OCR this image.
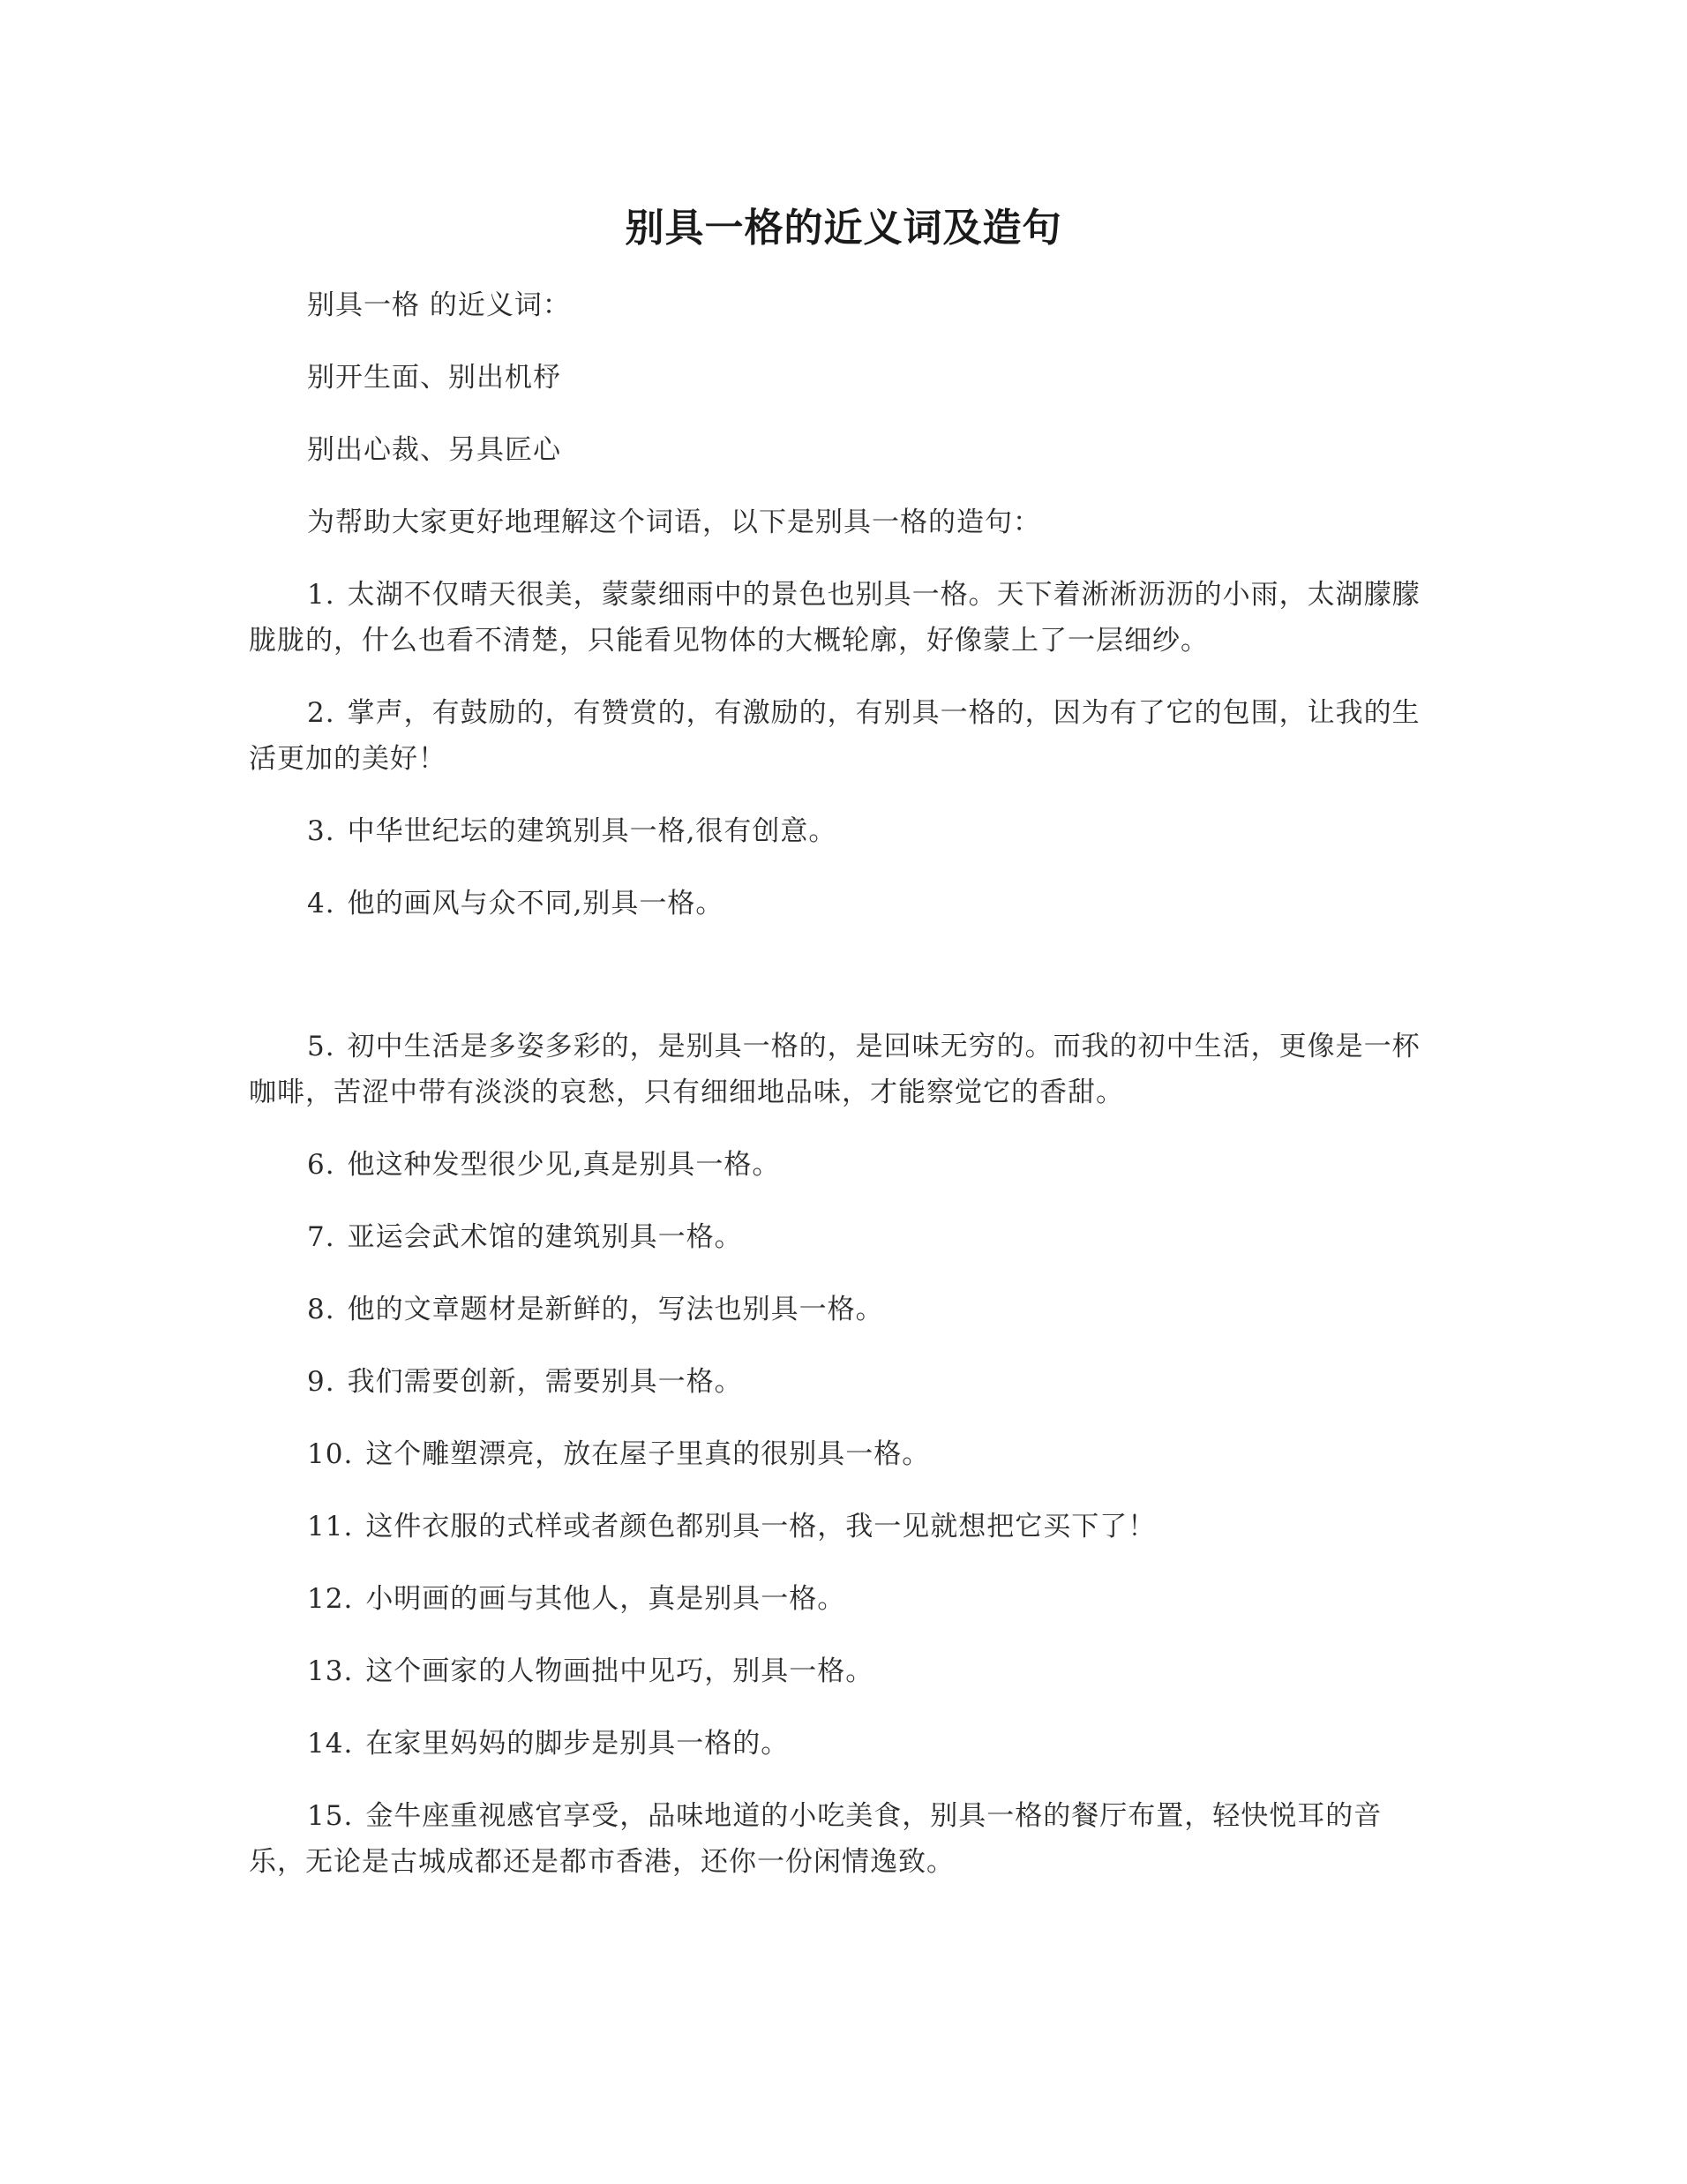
别具一格的近义词及造句

别具一格 的近义词：

别开生面、别出机杼

别出心裁、另具匠心

为帮助大家更好地理解这个词语，以下是别具一格的造句：

1. 太湖不仅晴天很美，蒙蒙细雨中的景色也别具一格。天下着淅淅沥沥的小雨，太湖朦朦胧胧的，什么也看不清楚，只能看见物体的大概轮廓，好像蒙上了一层细纱。

2. 掌声，有鼓励的，有赞赏的，有激励的，有别具一格的，因为有了它的包围，让我的生活更加的美好！

3. 中华世纪坛的建筑别具一格,很有创意。

4. 他的画风与众不同,别具一格。

5. 初中生活是多姿多彩的，是别具一格的，是回味无穷的。而我的初中生活，更像是一杯咖啡，苦涩中带有淡淡的哀愁，只有细细地品味，才能察觉它的香甜。

6. 他这种发型很少见,真是别具一格。

7. 亚运会武术馆的建筑别具一格。

8. 他的文章题材是新鲜的，写法也别具一格。

9. 我们需要创新，需要别具一格。

10. 这个雕塑漂亮，放在屋子里真的很别具一格。

11. 这件衣服的式样或者颜色都别具一格，我一见就想把它买下了！

12. 小明画的画与其他人，真是别具一格。

13. 这个画家的人物画拙中见巧，别具一格。

14. 在家里妈妈的脚步是别具一格的。

15. 金牛座重视感官享受，品味地道的小吃美食，别具一格的餐厅布置，轻快悦耳的音乐，无论是古城成都还是都市香港，还你一份闲情逸致。
